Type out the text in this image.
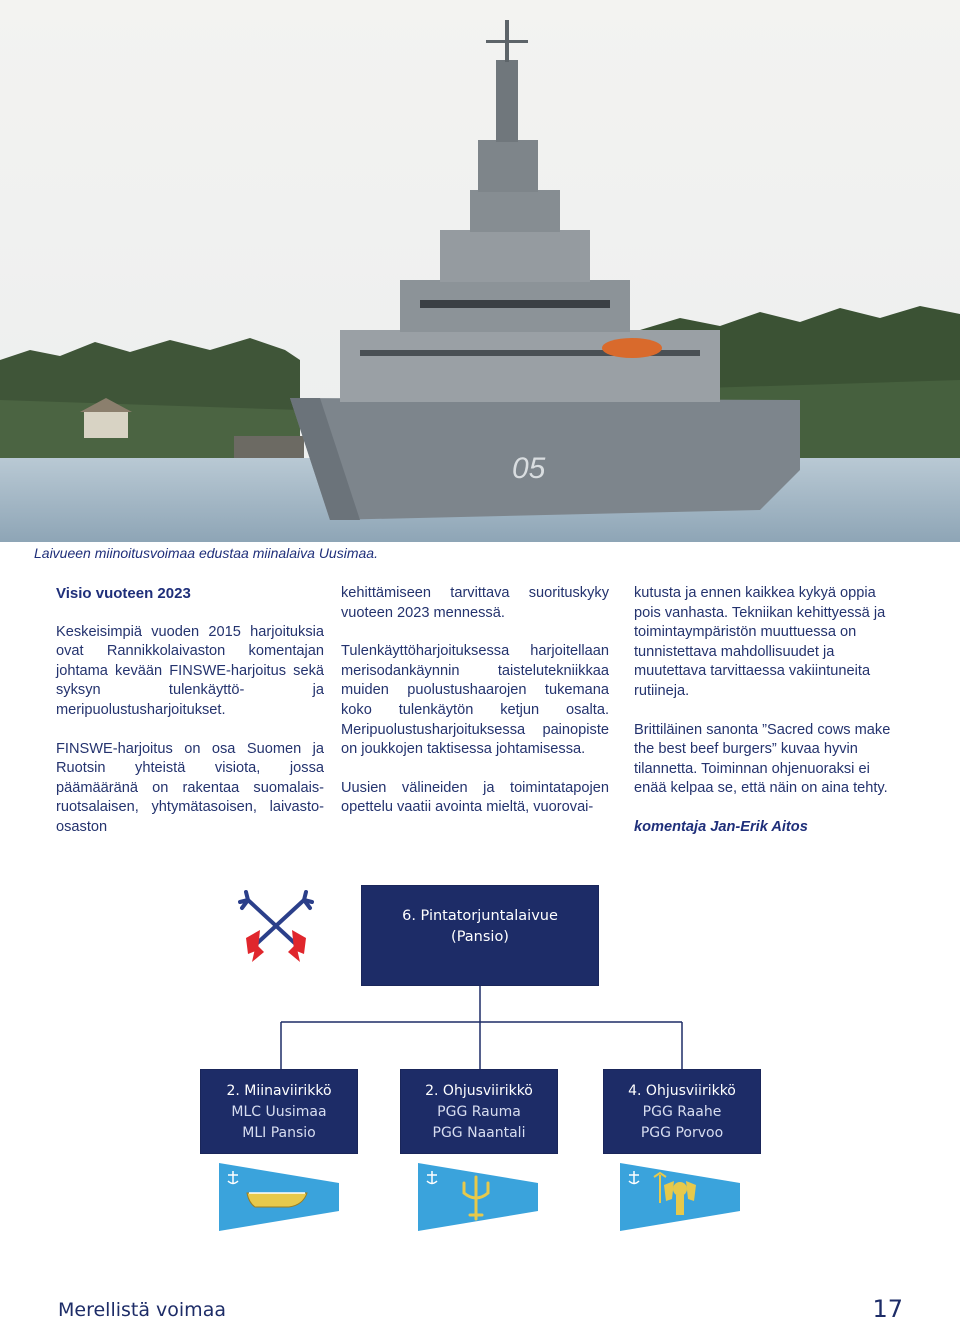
05
Laivueen miinoitusvoimaa edustaa miinalaiva Uusimaa.
Visio vuoteen 2023

Keskeisimpiä vuoden 2015 harjoituksia ovat Rannikkolaivaston komentajan johtama kevään FINSWE-harjoitus sekä syksyn tulenkäyttö- ja meripuolustusharjoitukset.

FINSWE-harjoitus on osa Suomen ja Ruotsin yhteistä visiota, jossa päämääränä on rakentaa suomalais-ruotsalaisen, yhtymätasoisen, laivasto-osaston

kehittämiseen tarvittava suorituskyky vuoteen 2023 mennessä.

Tulenkäyttöharjoituksessa harjoitellaan merisodankäynnin taistelutekniikkaa muiden puolustushaarojen tukemana koko tulenkäytön ketjun osalta. Meripuolustusharjoituksessa painopiste on joukkojen taktisessa johtamisessa.

Uusien välineiden ja toimintatapojen opettelu vaatii avointa mieltä, vuorovai-

kutusta ja ennen kaikkea kykyä oppia pois vanhasta. Tekniikan kehittyessä ja toimintaympäristön muuttuessa on tunnistettava mahdollisuudet ja muutettava tarvittaessa vakiintuneita rutiineja.

Brittiläinen sanonta ”Sacred cows make the best beef burgers” kuvaa hyvin tilannetta. Toiminnan ohjenuoraksi ei enää kelpaa se, että näin on aina tehty.

komentaja Jan-Erik Aitos

6. Pintatorjuntalaivue
(Pansio)
2. Miinaviirikkö
MLC Uusimaa
MLI Pansio
2. Ohjusviirikkö
PGG Rauma
PGG Naantali
4. Ohjusviirikkö
PGG Raahe
PGG Porvoo
Merellistä voimaa	17
